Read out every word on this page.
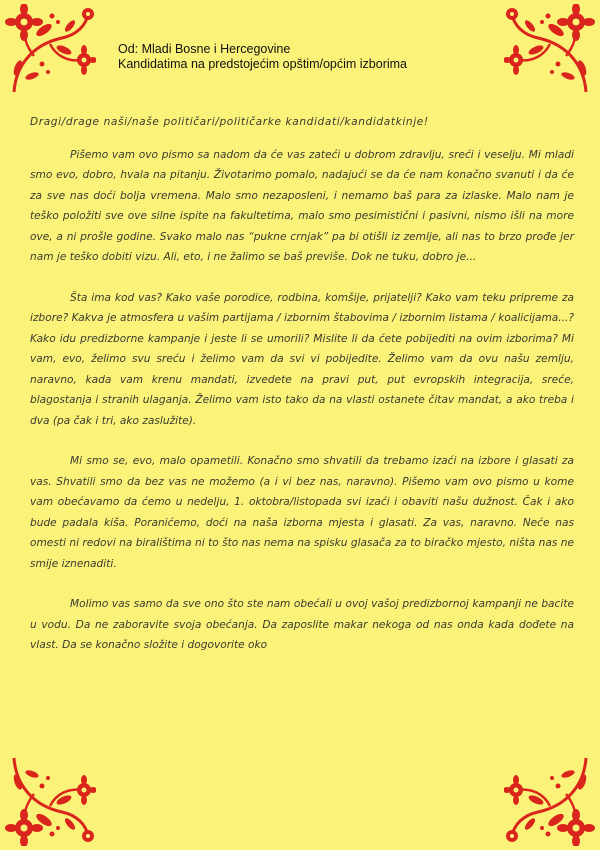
Od: Mladi Bosne i Hercegovine
Kandidatima na predstojećim opštim/općim izborima

Dragi/drage naši/naše političari/političarke kandidati/kandidatkinje!

Pišemo vam ovo pismo sa nadom da će vas zateći u dobrom zdravlju, sreći i veselju. Mi mladi smo evo, dobro, hvala na pitanju. Životarimo pomalo, nadajući se da će nam konačno svanuti i da će za sve nas doći bolja vremena. Malo smo nezaposleni, i nemamo baš para za izlaske. Malo nam je teško položiti sve ove silne ispite na fakultetima, malo smo pesimistični i pasivni, nismo išli na more ove, a ni prošle godine. Svako malo nas “pukne crnjak” pa bi otišli iz zemlje, ali nas to brzo prođe jer nam je teško dobiti vizu. Ali, eto, i ne žalimo se baš previše. Dok ne tuku, dobro je...

Šta ima kod vas? Kako vaše porodice, rodbina, komšije, prijatelji? Kako vam teku pripreme za izbore? Kakva je atmosfera u vašim partijama / izbornim štabovima / izbornim listama / koalicijama...? Kako idu predizborne kampanje i jeste li se umorili? Mislite li da ćete pobijediti na ovim izborima? Mi vam, evo, želimo svu sreću i želimo vam da svi vi pobijedite. Želimo vam da ovu našu zemlju, naravno, kada vam krenu mandati, izvedete na pravi put, put evropskih integracija, sreće, blagostanja i stranih ulaganja. Želimo vam isto tako da na vlasti ostanete čitav mandat, a ako treba i dva (pa čak i tri, ako zaslužite).

Mi smo se, evo, malo opametili. Konačno smo shvatili da trebamo izaći na izbore i glasati za vas. Shvatili smo da bez vas ne možemo (a i vi bez nas, naravno). Pišemo vam ovo pismo u kome vam obećavamo da ćemo u nedelju, 1. oktobra/listopada svi izaći i obaviti našu dužnost. Čak i ako bude padala kiša. Poranićemo, doći na naša izborna mjesta i glasati. Za vas, naravno. Neće nas omesti ni redovi na biralištima ni to što nas nema na spisku glasača za to biračko mjesto, ništa nas ne smije iznenaditi.

Molimo vas samo da sve ono što ste nam obećali u ovoj vašoj predizbornoj kampanji ne bacite u vodu. Da ne zaboravite svoja obećanja. Da zaposlite makar nekoga od nas onda kada dođete na vlast. Da se konačno složite i dogovorite oko
